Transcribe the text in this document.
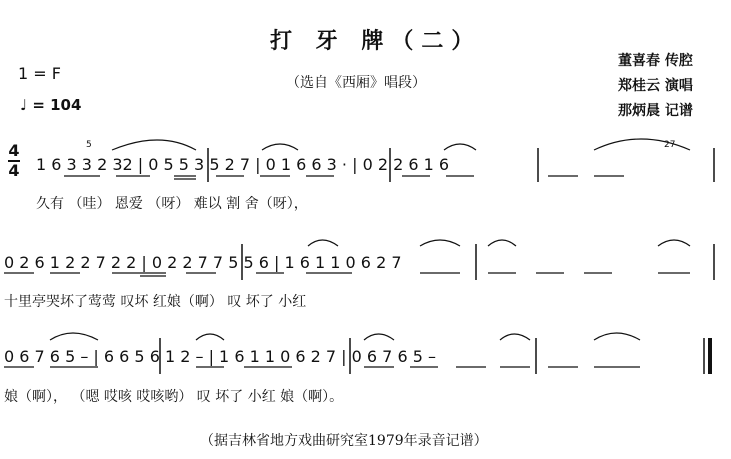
打 牙 牌（二）
（选自《西厢》唱段）
董喜春 传腔
郑桂云 演唱
那炳晨 记谱
1 = F
♩ = 104
4
4 1 6 3 3 2 32 | 0 5 5 3 5 2 7 | 0 1 6 6 3 · | 0 2 2 6 1 6
久有 （哇） 恩爱 （呀） 难以 割 舍（呀），
5	27
0 2 6 1 2 2 7 2 2 | 0 2 2 7 7 5 5 6 | 1 6 1 1 0 6 2 7
十里亭哭坏了莺莺 叹坏 红娘（啊） 叹 坏了 小红
0 6 7 6 5 – | 6 6 5 6 1 2 – | 1 6 1 1 0 6 2 7 | 0 6 7 6 5 –
娘（啊）， （嗯 哎咳 哎咳哟） 叹 坏了 小红 娘（啊）。
（据吉林省地方戏曲研究室1979年录音记谱）
